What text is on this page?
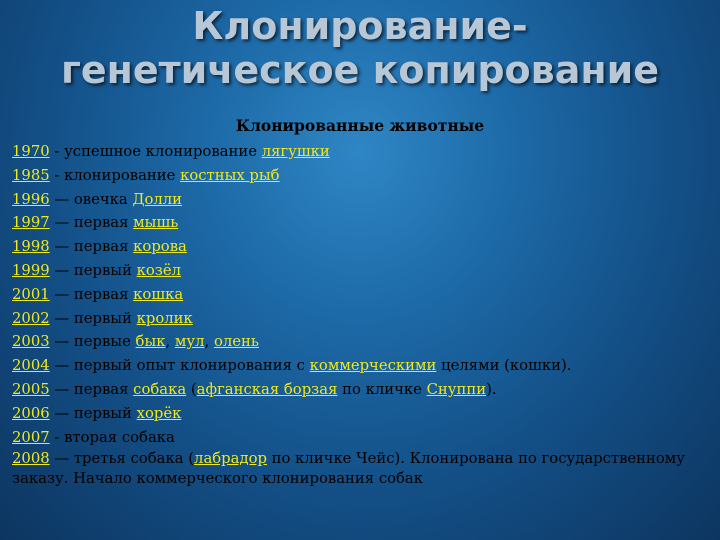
Клонирование-
генетическое копирование
Клонированные животные
1970 - успешное клонирование лягушки
1985 - клонирование костных рыб
1996 — овечка Долли
1997 — первая мышь
1998 — первая корова
1999 — первый козёл
2001 — первая кошка
2002 — первый кролик
2003 — первые бык, мул, олень
2004 — первый опыт клонирования с коммерческими целями (кошки).
2005 — первая собака (афганская борзая по кличке Снуппи).
2006 — первый хорёк
2007 - вторая собака
2008 — третья собака (лабрадор по кличке Чейс). Клонирована по государственному заказу. Начало коммерческого клонирования собак
